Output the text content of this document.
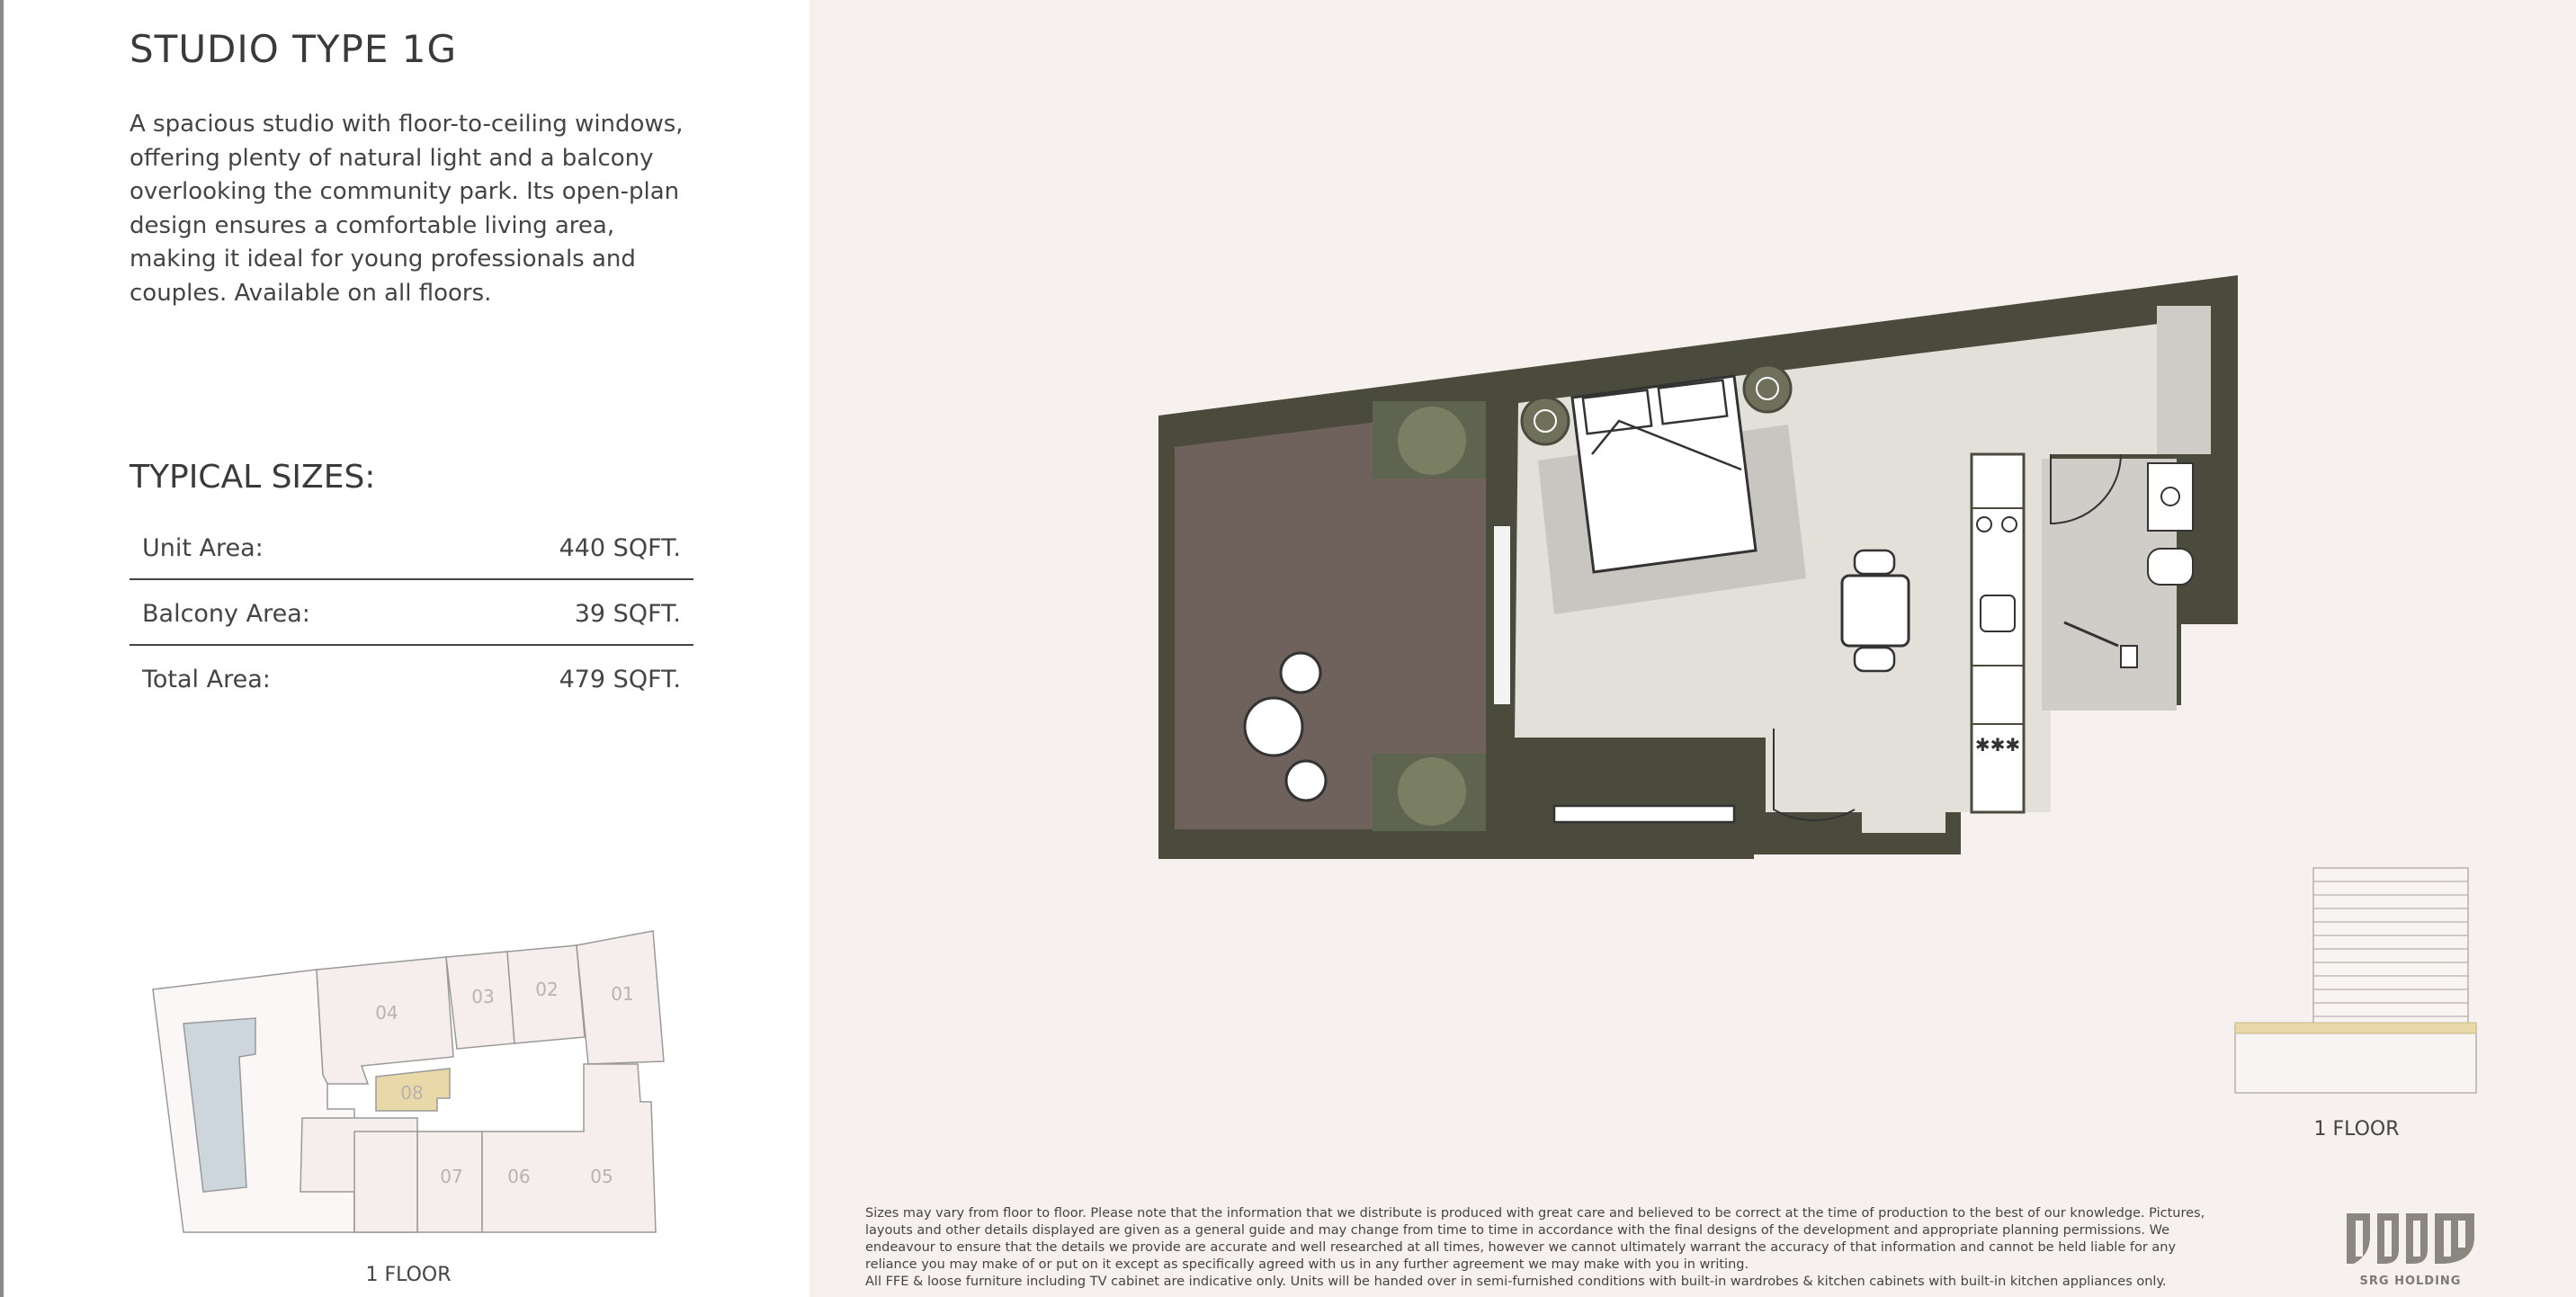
STUDIO TYPE 1G

A spacious studio with floor-to-ceiling windows, offering plenty of natural light and a balcony overlooking the community park. Its open-plan design ensures a comfortable living area, making it ideal for young professionals and couples. Available on all floors.

TYPICAL SIZES:
Unit Area:	440 SQFT.
Balcony Area:	39 SQFT.
Total Area:	479 SQFT.
04
03 02	01
08
07 06	05
1 FLOOR
✱✱✱
1 FLOOR
Sizes may vary from floor to floor. Please note that the information that we distribute is produced with great care and believed to be correct at the time of production to the best of our knowledge. Pictures, layouts and other details displayed are given as a general guide and may change from time to time in accordance with the final designs of the development and appropriate planning permissions. We endeavour to ensure that the details we provide are accurate and well researched at all times, however we cannot ultimately warrant the accuracy of that information and cannot be held liable for any reliance you may make of or put on it except as specifically agreed with us in any further agreement we may make with you in writing.
All FFE & loose furniture including TV cabinet are indicative only. Units will be handed over in semi-furnished conditions with built-in wardrobes & kitchen cabinets with built-in kitchen appliances only.	SRG HOLDING
